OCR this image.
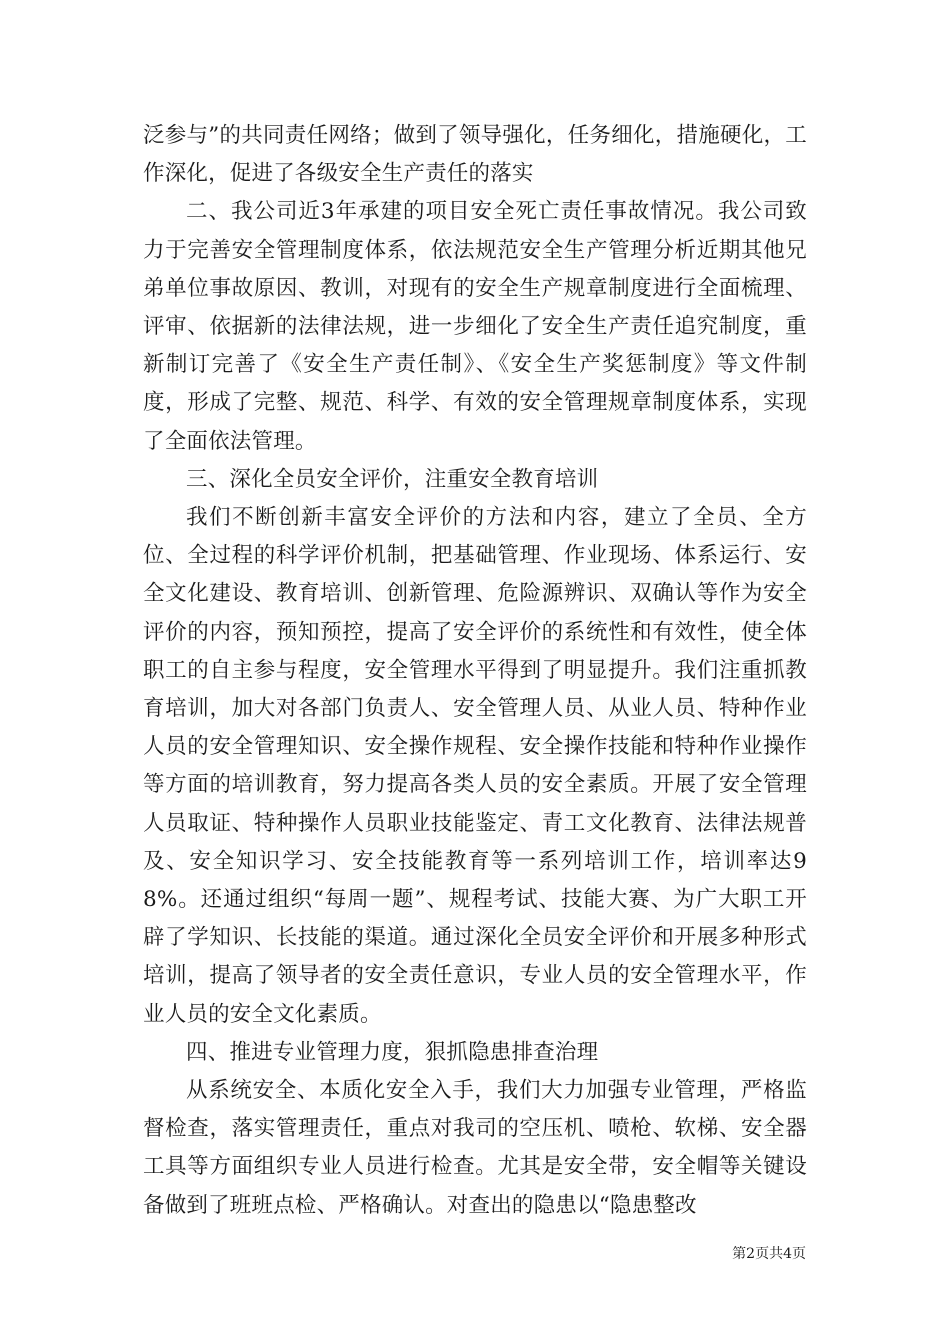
泛参与”的共同责任网络；做到了领导强化，任务细化，措施硬化，工作深化，促进了各级安全生产责任的落实

二、我公司近3年承建的项目安全死亡责任事故情况。我公司致力于完善安全管理制度体系，依法规范安全生产管理分析近期其他兄弟单位事故原因、教训，对现有的安全生产规章制度进行全面梳理、评审、依据新的法律法规，进一步细化了安全生产责任追究制度，重新制订完善了《安全生产责任制》、《安全生产奖惩制度》等文件制度，形成了完整、规范、科学、有效的安全管理规章制度体系，实现了全面依法管理。

三、深化全员安全评价，注重安全教育培训

我们不断创新丰富安全评价的方法和内容，建立了全员、全方位、全过程的科学评价机制，把基础管理、作业现场、体系运行、安全文化建设、教育培训、创新管理、危险源辨识、双确认等作为安全评价的内容，预知预控，提高了安全评价的系统性和有效性，使全体职工的自主参与程度，安全管理水平得到了明显提升。我们注重抓教育培训，加大对各部门负责人、安全管理人员、从业人员、特种作业人员的安全管理知识、安全操作规程、安全操作技能和特种作业操作等方面的培训教育，努力提高各类人员的安全素质。开展了安全管理人员取证、特种操作人员职业技能鉴定、青工文化教育、法律法规普及、安全知识学习、安全技能教育等一系列培训工作，培训率达98%。还通过组织“每周一题”、规程考试、技能大赛、为广大职工开辟了学知识、长技能的渠道。通过深化全员安全评价和开展多种形式培训，提高了领导者的安全责任意识，专业人员的安全管理水平，作业人员的安全文化素质。

四、推进专业管理力度，狠抓隐患排查治理

从系统安全、本质化安全入手，我们大力加强专业管理，严格监督检查，落实管理责任，重点对我司的空压机、喷枪、软梯、安全器工具等方面组织专业人员进行检查。尤其是安全带，安全帽等关键设备做到了班班点检、严格确认。对查出的隐患以“隐患整改

第2页共4页
